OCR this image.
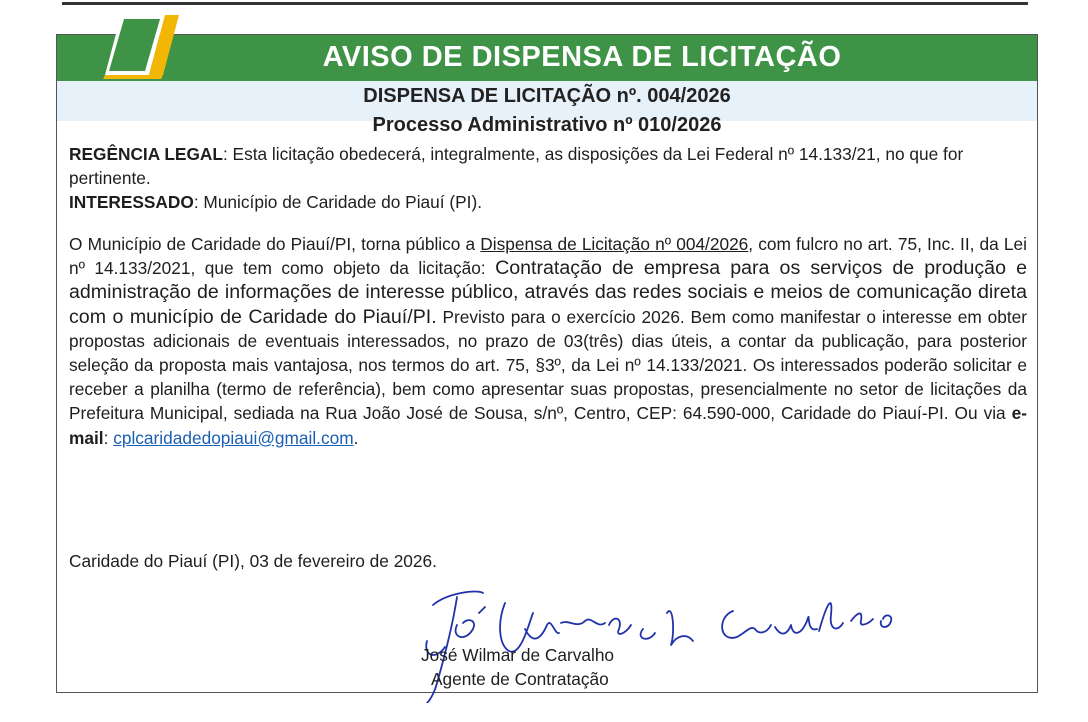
AVISO DE DISPENSA DE LICITAÇÃO
DISPENSA DE LICITAÇÃO nº. 004/2026
Processo Administrativo nº 010/2026
REGÊNCIA LEGAL: Esta licitação obedecerá, integralmente, as disposições da Lei Federal nº 14.133/21, no que for pertinente.
INTERESSADO: Município de Caridade do Piauí (PI).
O Município de Caridade do Piauí/PI, torna público a Dispensa de Licitação nº 004/2026, com fulcro no art. 75, Inc. II, da Lei nº 14.133/2021, que tem como objeto da licitação: Contratação de empresa para os serviços de produção e administração de informações de interesse público, através das redes sociais e meios de comunicação direta com o município de Caridade do Piauí/PI. Previsto para o exercício 2026. Bem como manifestar o interesse em obter propostas adicionais de eventuais interessados, no prazo de 03(três) dias úteis, a contar da publicação, para posterior seleção da proposta mais vantajosa, nos termos do art. 75, §3º, da Lei nº 14.133/2021. Os interessados poderão solicitar e receber a planilha (termo de referência), bem como apresentar suas propostas, presencialmente no setor de licitações da Prefeitura Municipal, sediada na Rua João José de Sousa, s/nº, Centro, CEP: 64.590-000, Caridade do Piauí-PI. Ou via e-mail: cplcaridadedopiaui@gmail.com.
Caridade do Piauí (PI), 03 de fevereiro de 2026.
José Wilmar de Carvalho
Agente de Contratação
